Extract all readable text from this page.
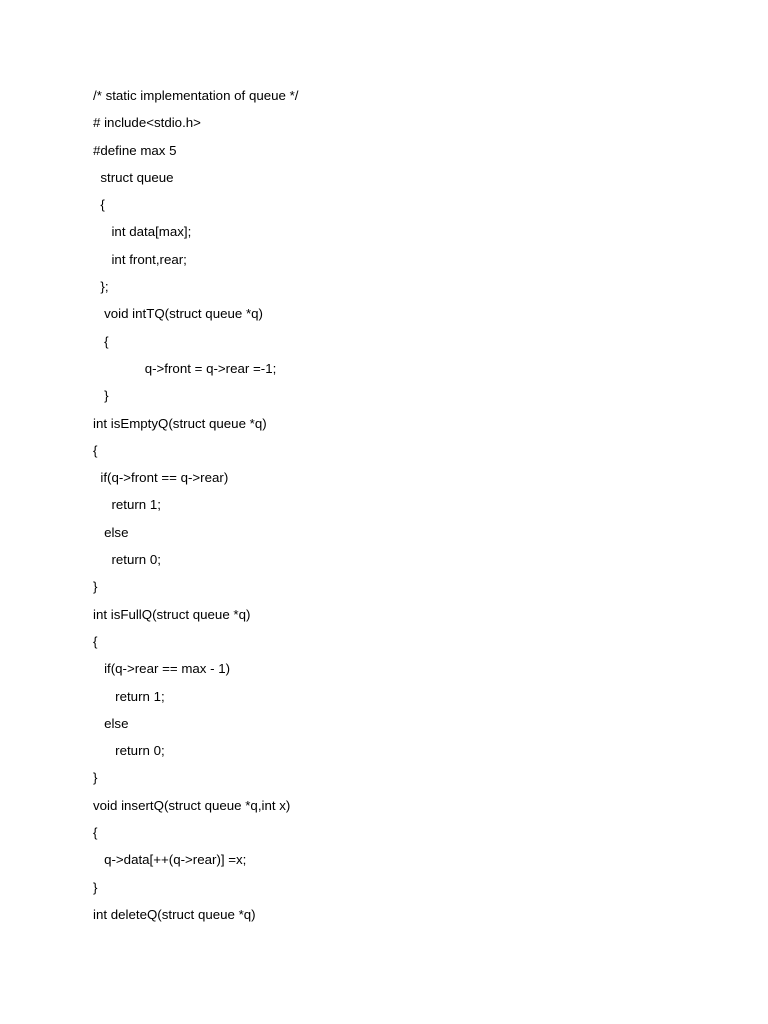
/* static implementation of queue */
# include<stdio.h>
#define max 5
struct queue
{
int data[max];
int front,rear;
};
void intTQ(struct queue *q)
{
q->front = q->rear =-1;
}
int isEmptyQ(struct queue *q)
{
if(q->front == q->rear)
return 1;
else
return 0;
}
int isFullQ(struct queue *q)
{
if(q->rear == max - 1)
return 1;
else
return 0;
}
void insertQ(struct queue *q,int x)
{
q->data[++(q->rear)] =x;
}
int deleteQ(struct queue *q)
